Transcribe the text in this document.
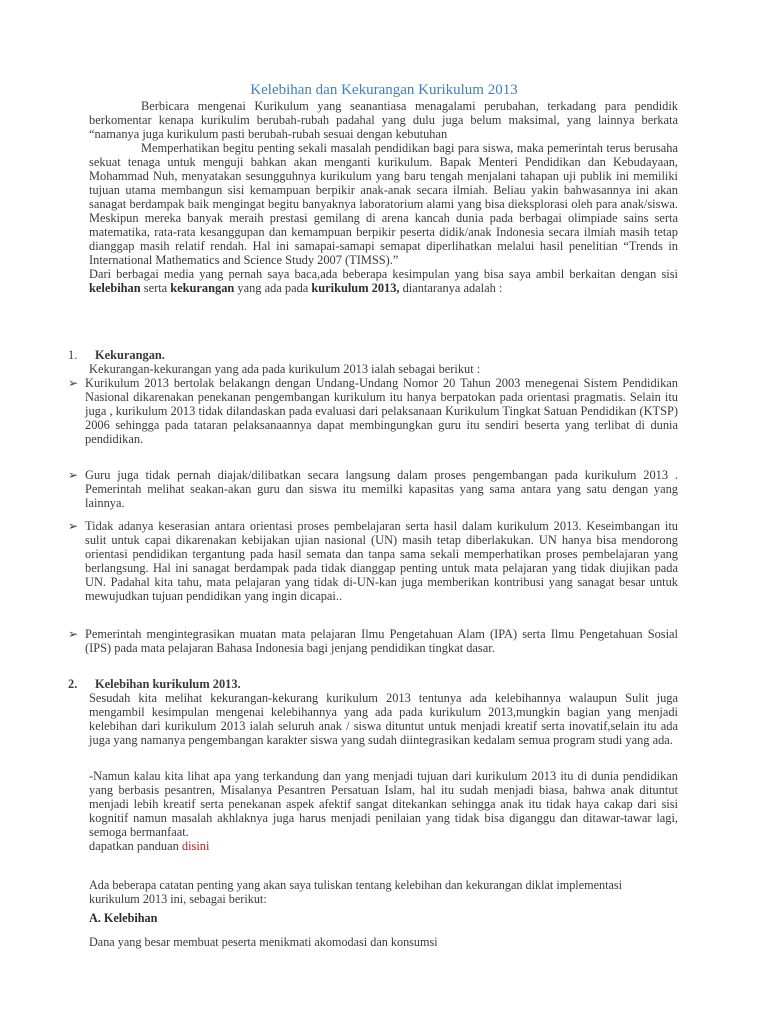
Kelebihan dan Kekurangan Kurikulum 2013

Berbicara mengenai Kurikulum yang seanantiasa menagalami perubahan, terkadang para pendidik berkomentar kenapa kurikulim berubah-rubah padahal yang dulu juga belum maksimal, yang lainnya berkata “namanya juga kurikulum pasti berubah-rubah sesuai dengan kebutuhan

Memperhatikan begitu penting sekali masalah pendidikan bagi para siswa, maka pemerintah terus berusaha sekuat tenaga untuk menguji bahkan akan menganti kurikulum. Bapak Menteri Pendidikan dan Kebudayaan, Mohammad Nuh, menyatakan sesungguhnya kurikulum yang baru tengah menjalani tahapan uji publik ini memiliki tujuan utama membangun sisi kemampuan berpikir anak-anak secara ilmiah. Beliau yakin bahwasannya ini akan sanagat berdampak baik mengingat begitu banyaknya laboratorium alami yang bisa dieksplorasi oleh para anak/siswa. Meskipun mereka banyak meraih prestasi gemilang di arena kancah dunia pada berbagai olimpiade sains serta matematika, rata-rata kesanggupan dan kemampuan berpikir peserta didik/anak Indonesia secara ilmiah masih tetap dianggap masih relatif rendah. Hal ini samapai-samapi semapat diperlihatkan melalui hasil penelitian “Trends in International Mathematics and Science Study 2007 (TIMSS).”

Dari berbagai media yang pernah saya baca,ada beberapa kesimpulan yang bisa saya ambil berkaitan dengan sisi kelebihan serta kekurangan yang ada pada kurikulum 2013, diantaranya adalah :

1. Kekurangan.
Kekurangan-kekurangan yang ada pada kurikulum 2013 ialah sebagai berikut :
➢ Kurikulum 2013 bertolak belakangn dengan Undang-Undang Nomor 20 Tahun 2003 menegenai Sistem Pendidikan Nasional dikarenakan penekanan pengembangan kurikulum itu hanya berpatokan pada orientasi pragmatis. Selain itu juga , kurikulum 2013 tidak dilandaskan pada evaluasi dari pelaksanaan Kurikulum Tingkat Satuan Pendidikan (KTSP) 2006 sehingga pada tataran pelaksanaannya dapat membingungkan guru itu sendiri beserta yang terlibat di dunia pendidikan.
➢ Guru juga tidak pernah diajak/dilibatkan secara langsung dalam proses pengembangan pada kurikulum 2013 . Pemerintah melihat seakan-akan guru dan siswa itu memilki kapasitas yang sama antara yang satu dengan yang lainnya.
➢ Tidak adanya keserasian antara orientasi proses pembelajaran serta hasil dalam kurikulum 2013. Keseimbangan itu sulit untuk capai dikarenakan kebijakan ujian nasional (UN) masih tetap diberlakukan. UN hanya bisa mendorong orientasi pendidikan tergantung pada hasil semata dan tanpa sama sekali memperhatikan proses pembelajaran yang berlangsung. Hal ini sanagat berdampak pada tidak dianggap penting untuk mata pelajaran yang tidak diujikan pada UN. Padahal kita tahu, mata pelajaran yang tidak di-UN-kan juga memberikan kontribusi yang sanagat besar untuk mewujudkan tujuan pendidikan yang ingin dicapai..
➢ Pemerintah mengintegrasikan muatan mata pelajaran Ilmu Pengetahuan Alam (IPA) serta Ilmu Pengetahuan Sosial (IPS) pada mata pelajaran Bahasa Indonesia bagi jenjang pendidikan tingkat dasar.
2. Kelebihan kurikulum 2013.
Sesudah kita melihat kekurangan-kekurang kurikulum 2013 tentunya ada kelebihannya walaupun Sulit juga mengambil kesimpulan mengenai kelebihannya yang ada pada kurikulum 2013,mungkin bagian yang menjadi kelebihan dari kurikulum 2013 ialah seluruh anak / siswa dituntut untuk menjadi kreatif serta inovatif,selain itu ada juga yang namanya pengembangan karakter siswa yang sudah diintegrasikan kedalam semua program studi yang ada.
-Namun kalau kita lihat apa yang terkandung dan yang menjadi tujuan dari kurikulum 2013 itu di dunia pendidikan yang berbasis pesantren, Misalanya Pesantren Persatuan Islam, hal itu sudah menjadi biasa, bahwa anak dituntut menjadi lebih kreatif serta penekanan aspek afektif sangat ditekankan sehingga anak itu tidak haya cakap dari sisi kognitif namun masalah akhlaknya juga harus menjadi penilaian yang tidak bisa diganggu dan ditawar-tawar lagi, semoga bermanfaat.
dapatkan panduan disini
Ada beberapa catatan penting yang akan saya tuliskan tentang kelebihan dan kekurangan diklat implementasi kurikulum 2013 ini, sebagai berikut:
A. Kelebihan
Dana yang besar membuat peserta menikmati akomodasi dan konsumsi
